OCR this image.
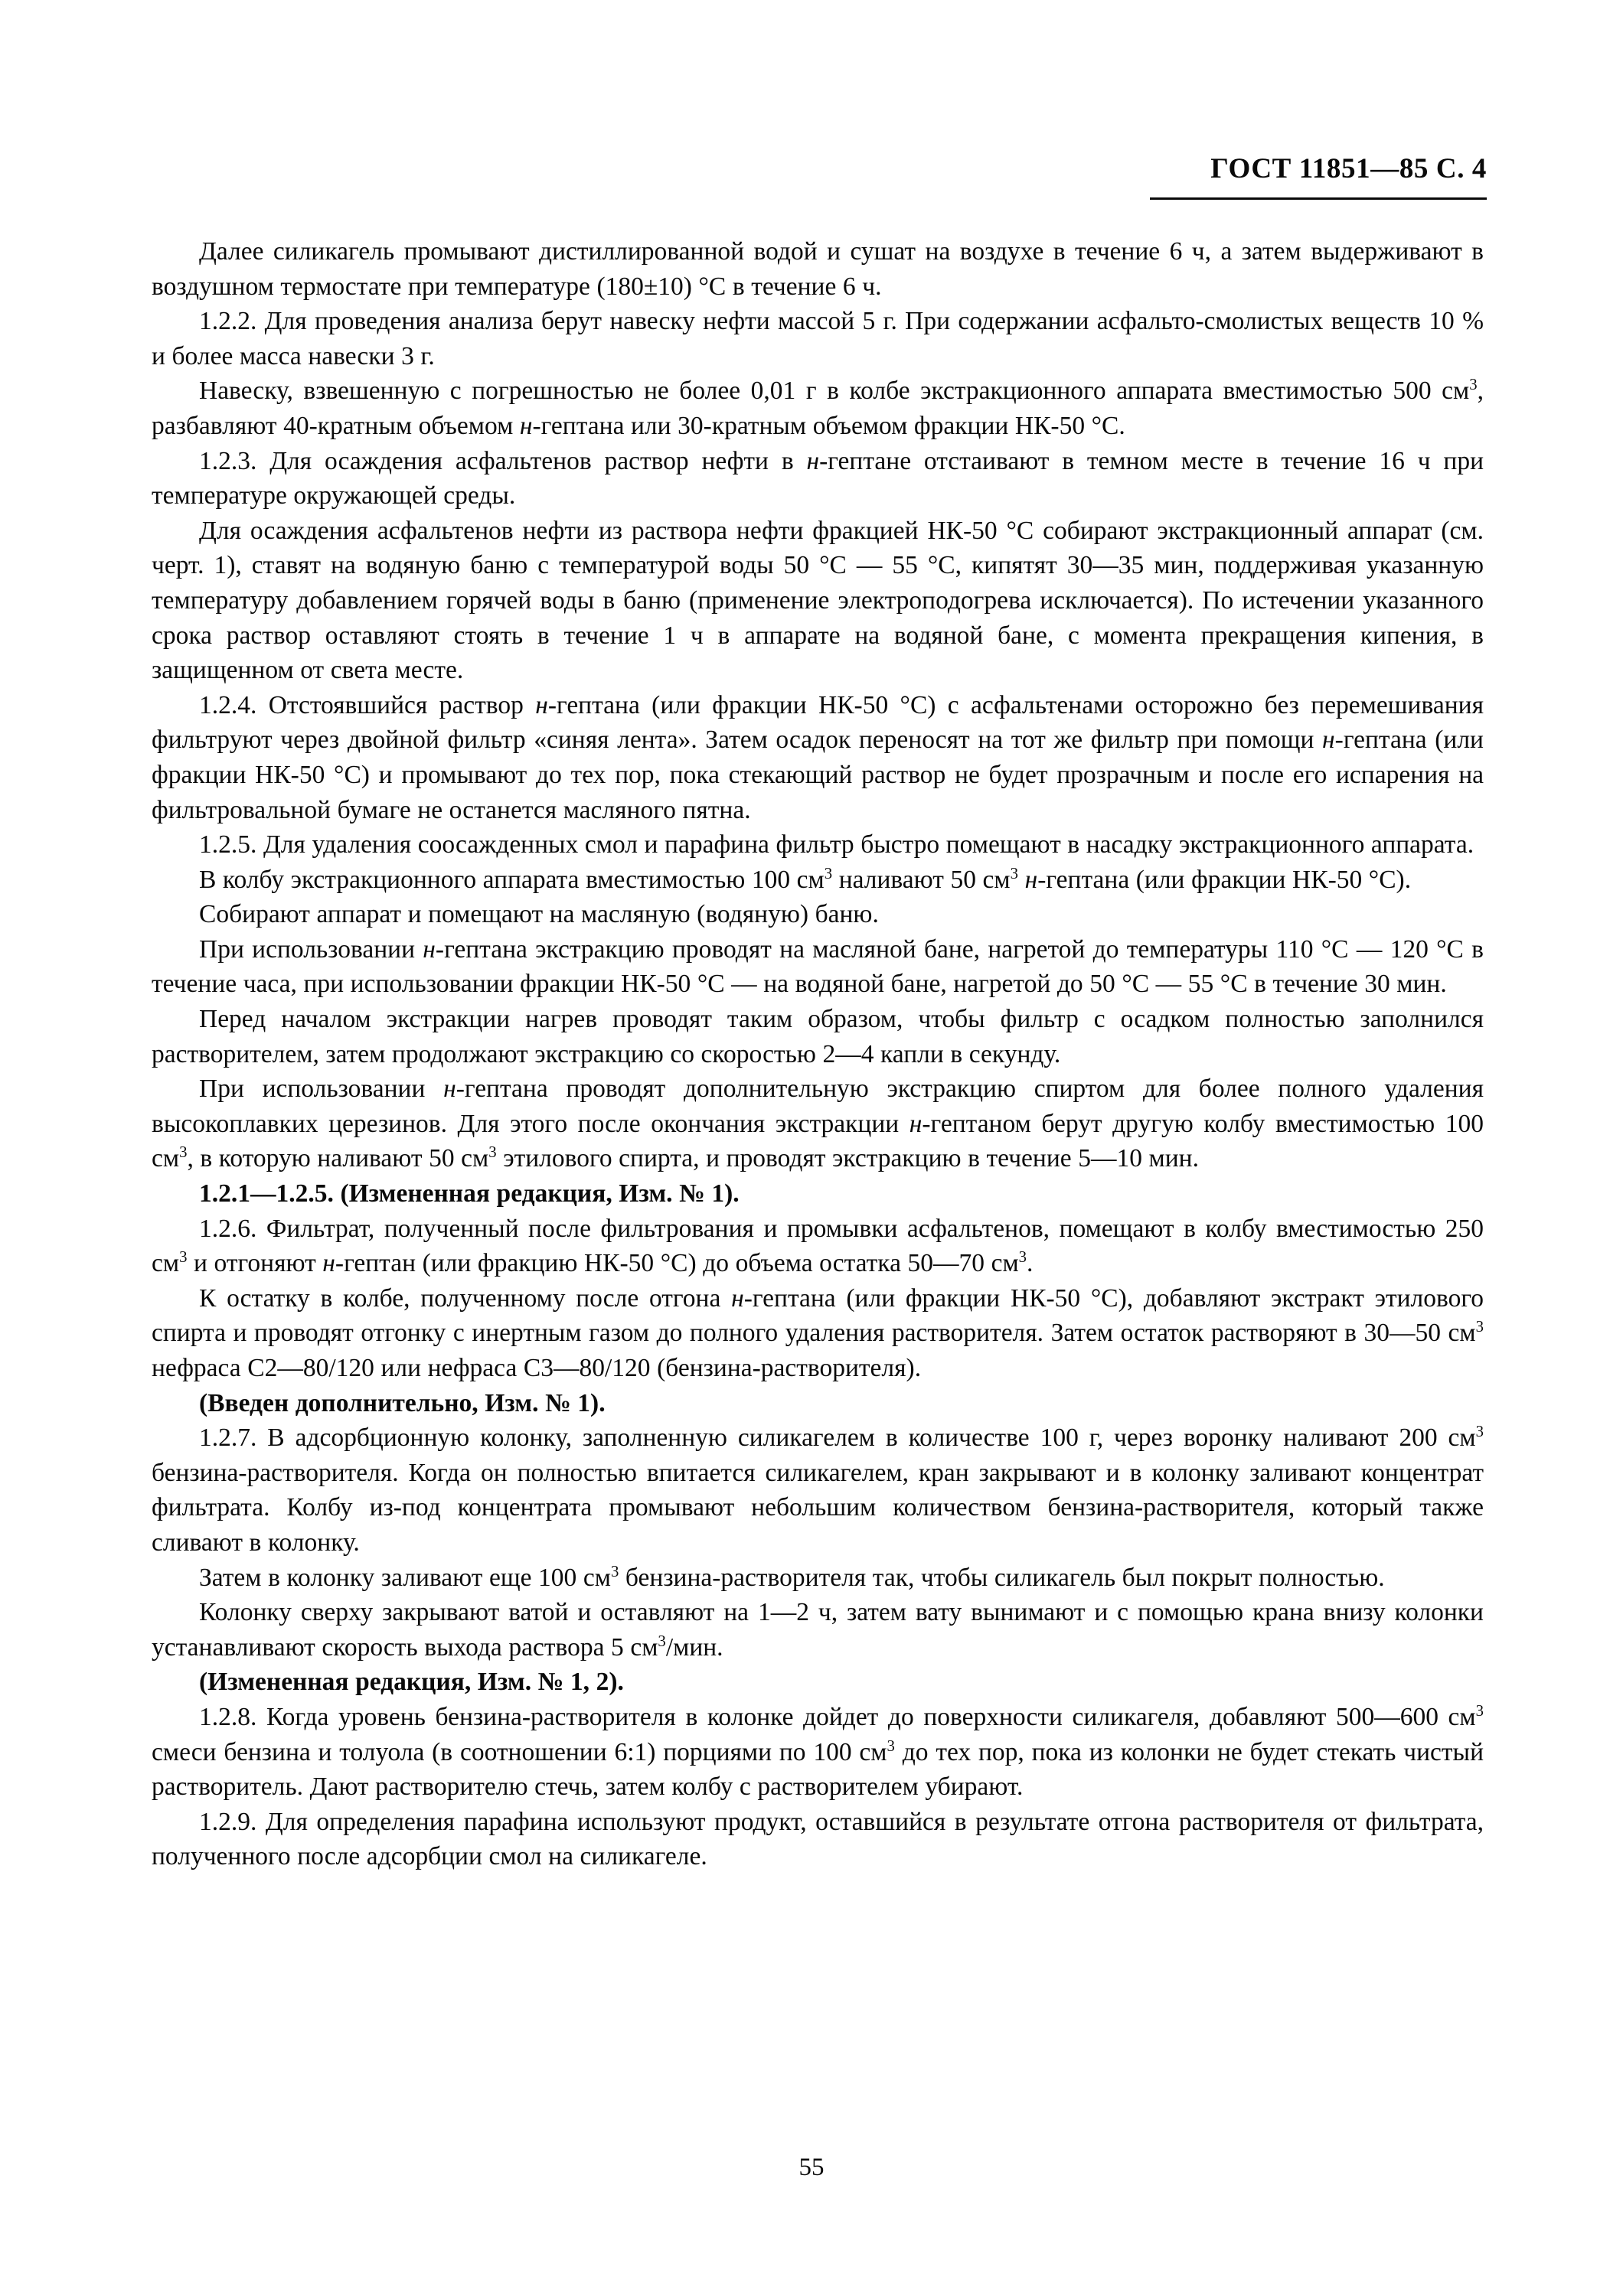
ГОСТ 11851—85 С. 4

Далее силикагель промывают дистиллированной водой и сушат на воздухе в течение 6 ч, а затем выдерживают в воздушном термостате при температуре (180±10) °С в течение 6 ч.

1.2.2. Для проведения анализа берут навеску нефти массой 5 г. При содержании асфальто-смолистых веществ 10 % и более масса навески 3 г.

Навеску, взвешенную с погрешностью не более 0,01 г в колбе экстракционного аппарата вместимостью 500 $см^3$, разбавляют 40-кратным объемом н-гептана или 30-кратным объемом фракции НК-50 °С.

1.2.3. Для осаждения асфальтенов раствор нефти в н-гептане отстаивают в темном месте в течение 16 ч при температуре окружающей среды.

Для осаждения асфальтенов нефти из раствора нефти фракцией НК-50 °С собирают экстракционный аппарат (см. черт. 1), ставят на водяную баню с температурой воды 50 °С — 55 °С, кипятят 30—35 мин, поддерживая указанную температуру добавлением горячей воды в баню (применение электроподогрева исключается). По истечении указанного срока раствор оставляют стоять в течение 1 ч в аппарате на водяной бане, с момента прекращения кипения, в защищенном от света месте.

1.2.4. Отстоявшийся раствор н-гептана (или фракции НК-50 °С) с асфальтенами осторожно без перемешивания фильтруют через двойной фильтр «синяя лента». Затем осадок переносят на тот же фильтр при помощи н-гептана (или фракции НК-50 °С) и промывают до тех пор, пока стекающий раствор не будет прозрачным и после его испарения на фильтровальной бумаге не останется масляного пятна.

1.2.5. Для удаления соосажденных смол и парафина фильтр быстро помещают в насадку экстракционного аппарата.

В колбу экстракционного аппарата вместимостью 100 $см^3$ наливают 50 $см^3$ н-гептана (или фракции НК-50 °С).

Собирают аппарат и помещают на масляную (водяную) баню.

При использовании н-гептана экстракцию проводят на масляной бане, нагретой до температуры 110 °С — 120 °С в течение часа, при использовании фракции НК-50 °С — на водяной бане, нагретой до 50 °С — 55 °С в течение 30 мин.

Перед началом экстракции нагрев проводят таким образом, чтобы фильтр с осадком полностью заполнился растворителем, затем продолжают экстракцию со скоростью 2—4 капли в секунду.

При использовании н-гептана проводят дополнительную экстракцию спиртом для более полного удаления высокоплавких церезинов. Для этого после окончания экстракции н-гептаном берут другую колбу вместимостью 100 $см^3$, в которую наливают 50 $см^3$ этилового спирта, и проводят экстракцию в течение 5—10 мин.

1.2.1—1.2.5. (Измененная редакция, Изм. № 1).

1.2.6. Фильтрат, полученный после фильтрования и промывки асфальтенов, помещают в колбу вместимостью 250 $см^3$ и отгоняют н-гептан (или фракцию НК-50 °С) до объема остатка 50—70 $см^3$.

К остатку в колбе, полученному после отгона н-гептана (или фракции НК-50 °С), добавляют экстракт этилового спирта и проводят отгонку с инертным газом до полного удаления растворителя. Затем остаток растворяют в 30—50 $см^3$ нефраса С2—80/120 или нефраса С3—80/120 (бензина-растворителя).

(Введен дополнительно, Изм. № 1).

1.2.7. В адсорбционную колонку, заполненную силикагелем в количестве 100 г, через воронку наливают 200 $см^3$ бензина-растворителя. Когда он полностью впитается силикагелем, кран закрывают и в колонку заливают концентрат фильтрата. Колбу из-под концентрата промывают небольшим количеством бензина-растворителя, который также сливают в колонку.

Затем в колонку заливают еще 100 $см^3$ бензина-растворителя так, чтобы силикагель был покрыт полностью.

Колонку сверху закрывают ватой и оставляют на 1—2 ч, затем вату вынимают и с помощью крана внизу колонки устанавливают скорость выхода раствора 5 $см^3$/мин.

(Измененная редакция, Изм. № 1, 2).

1.2.8. Когда уровень бензина-растворителя в колонке дойдет до поверхности силикагеля, добавляют 500—600 $см^3$ смеси бензина и толуола (в соотношении 6:1) порциями по 100 $см^3$ до тех пор, пока из колонки не будет стекать чистый растворитель. Дают растворителю стечь, затем колбу с растворителем убирают.

1.2.9. Для определения парафина используют продукт, оставшийся в результате отгона растворителя от фильтрата, полученного после адсорбции смол на силикагеле.

55
